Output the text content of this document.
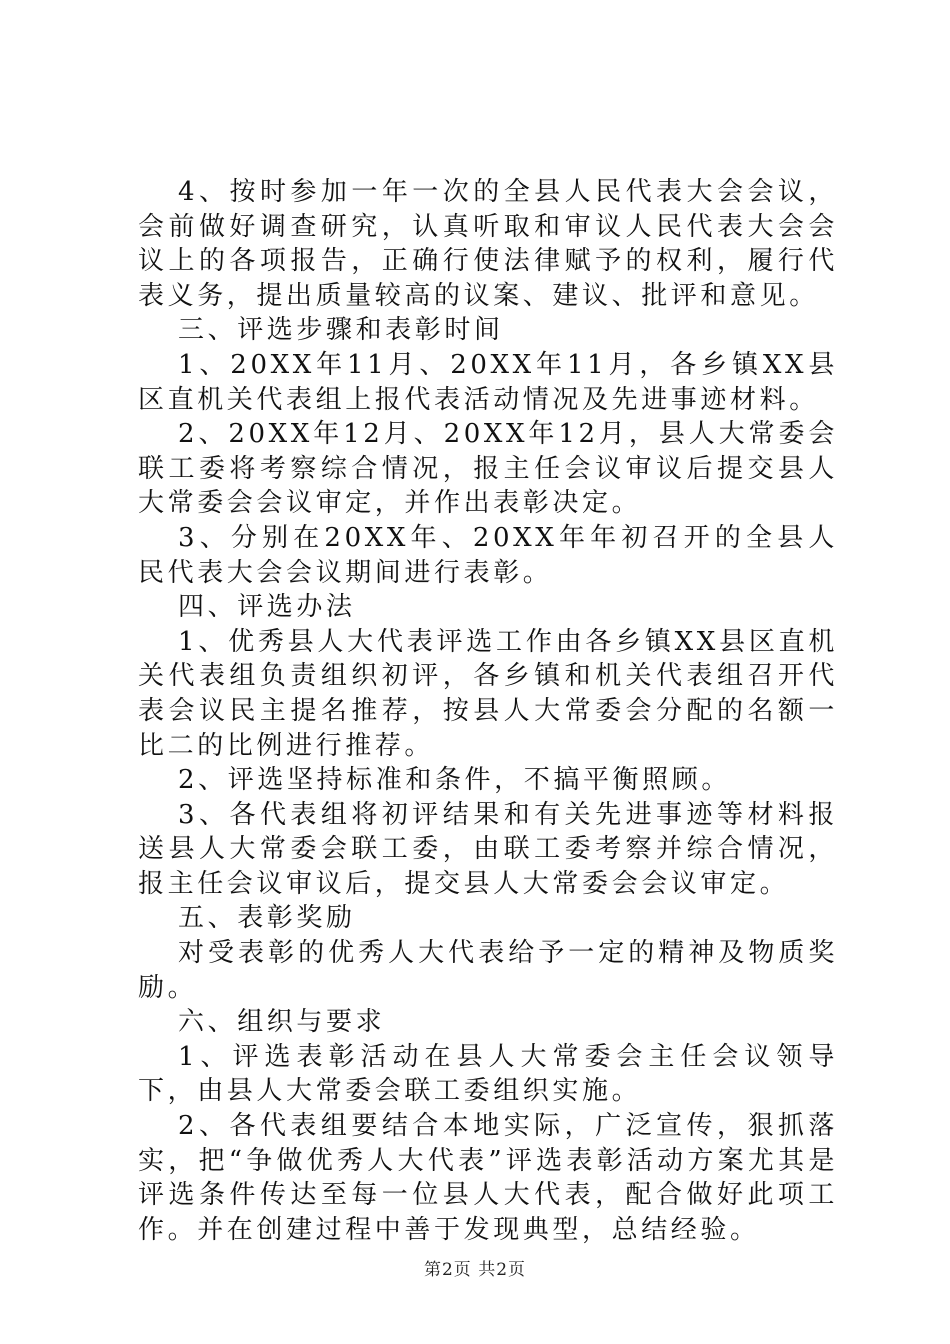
4、按时参加一年一次的全县人民代表大会会议，会前做好调查研究，认真听取和审议人民代表大会会议上的各项报告，正确行使法律赋予的权利，履行代表义务，提出质量较高的议案、建议、批评和意见。

三、评选步骤和表彰时间

1、20XX年11月、20XX年11月，各乡镇XX县区直机关代表组上报代表活动情况及先进事迹材料。

2、20XX年12月、20XX年12月，县人大常委会联工委将考察综合情况，报主任会议审议后提交县人大常委会会议审定，并作出表彰决定。

3、分别在20XX年、20XX年年初召开的全县人民代表大会会议期间进行表彰。

四、评选办法

1、优秀县人大代表评选工作由各乡镇XX县区直机关代表组负责组织初评，各乡镇和机关代表组召开代表会议民主提名推荐，按县人大常委会分配的名额一比二的比例进行推荐。

2、评选坚持标准和条件，不搞平衡照顾。

3、各代表组将初评结果和有关先进事迹等材料报送县人大常委会联工委，由联工委考察并综合情况，报主任会议审议后，提交县人大常委会会议审定。

五、表彰奖励

对受表彰的优秀人大代表给予一定的精神及物质奖励。

六、组织与要求

1、评选表彰活动在县人大常委会主任会议领导下，由县人大常委会联工委组织实施。

2、各代表组要结合本地实际，广泛宣传，狠抓落实，把“争做优秀人大代表”评选表彰活动方案尤其是评选条件传达至每一位县人大代表，配合做好此项工作。并在创建过程中善于发现典型，总结经验。

第2页 共2页
